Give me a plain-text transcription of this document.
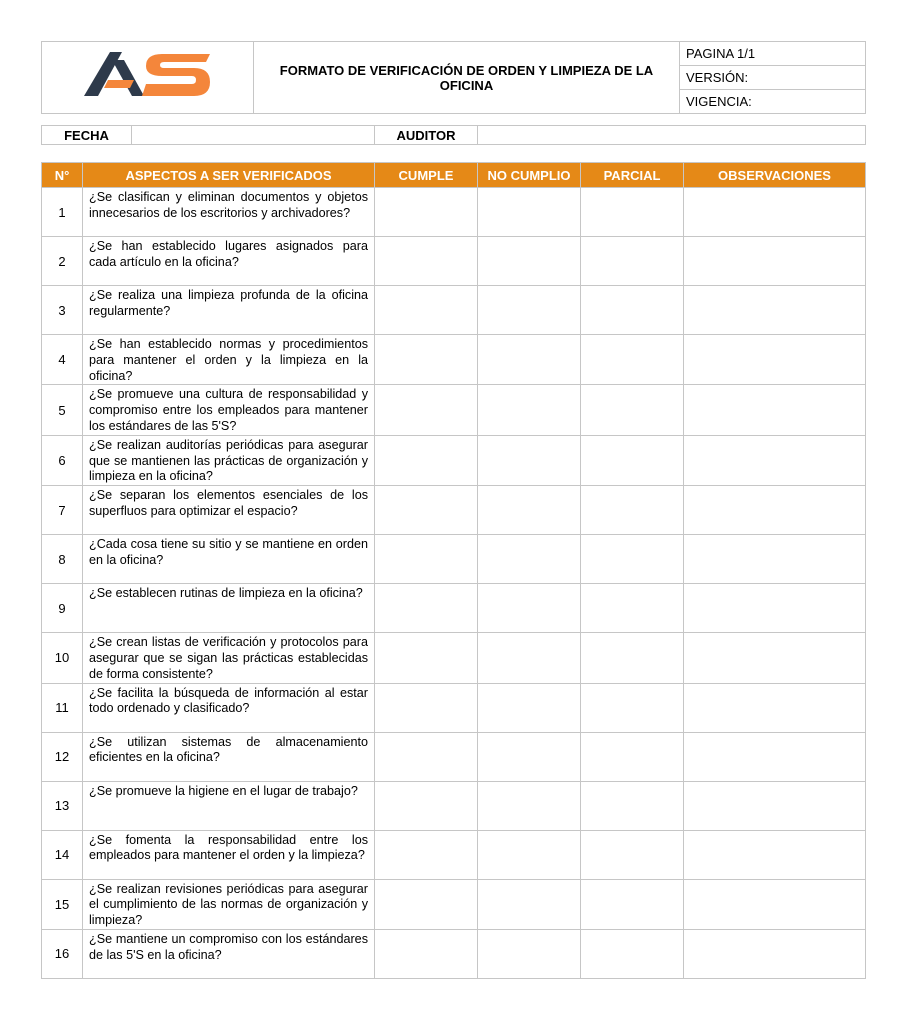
	FORMATO DE VERIFICACIÓN DE ORDEN Y LIMPIEZA DE LA OFICINA	PAGINA 1/1
VERSIÓN:
VIGENCIA:
FECHA		AUDITOR	
N°	ASPECTOS A SER VERIFICADOS	CUMPLE	NO CUMPLIO	PARCIAL	OBSERVACIONES
1	¿Se clasifican y eliminan documentos y objetos innecesarios de los escritorios y archivadores?				
2	¿Se han establecido lugares asignados para cada artículo en la oficina?				
3	¿Se realiza una limpieza profunda de la oficina regularmente?				
4	¿Se han establecido normas y procedimientos para mantener el orden y la limpieza en la oficina?				
5	¿Se promueve una cultura de responsabilidad y compromiso entre los empleados para mantener los estándares de las 5'S?				
6	¿Se realizan auditorías periódicas para asegurar que se mantienen las prácticas de organización y limpieza en la oficina?				
7	¿Se separan los elementos esenciales de los superfluos para optimizar el espacio?				
8	¿Cada cosa tiene su sitio y se mantiene en orden en la oficina?				
9	¿Se establecen rutinas de limpieza en la oficina?				
10	¿Se crean listas de verificación y protocolos para asegurar que se sigan las prácticas establecidas de forma consistente?				
11	¿Se facilita la búsqueda de información al estar todo ordenado y clasificado?				
12	¿Se utilizan sistemas de almacenamiento eficientes en la oficina?				
13	¿Se promueve la higiene en el lugar de trabajo?				
14	¿Se fomenta la responsabilidad entre los empleados para mantener el orden y la limpieza?				
15	¿Se realizan revisiones periódicas para asegurar el cumplimiento de las normas de organización y limpieza?				
16	¿Se mantiene un compromiso con los estándares de las 5'S en la oficina?				
